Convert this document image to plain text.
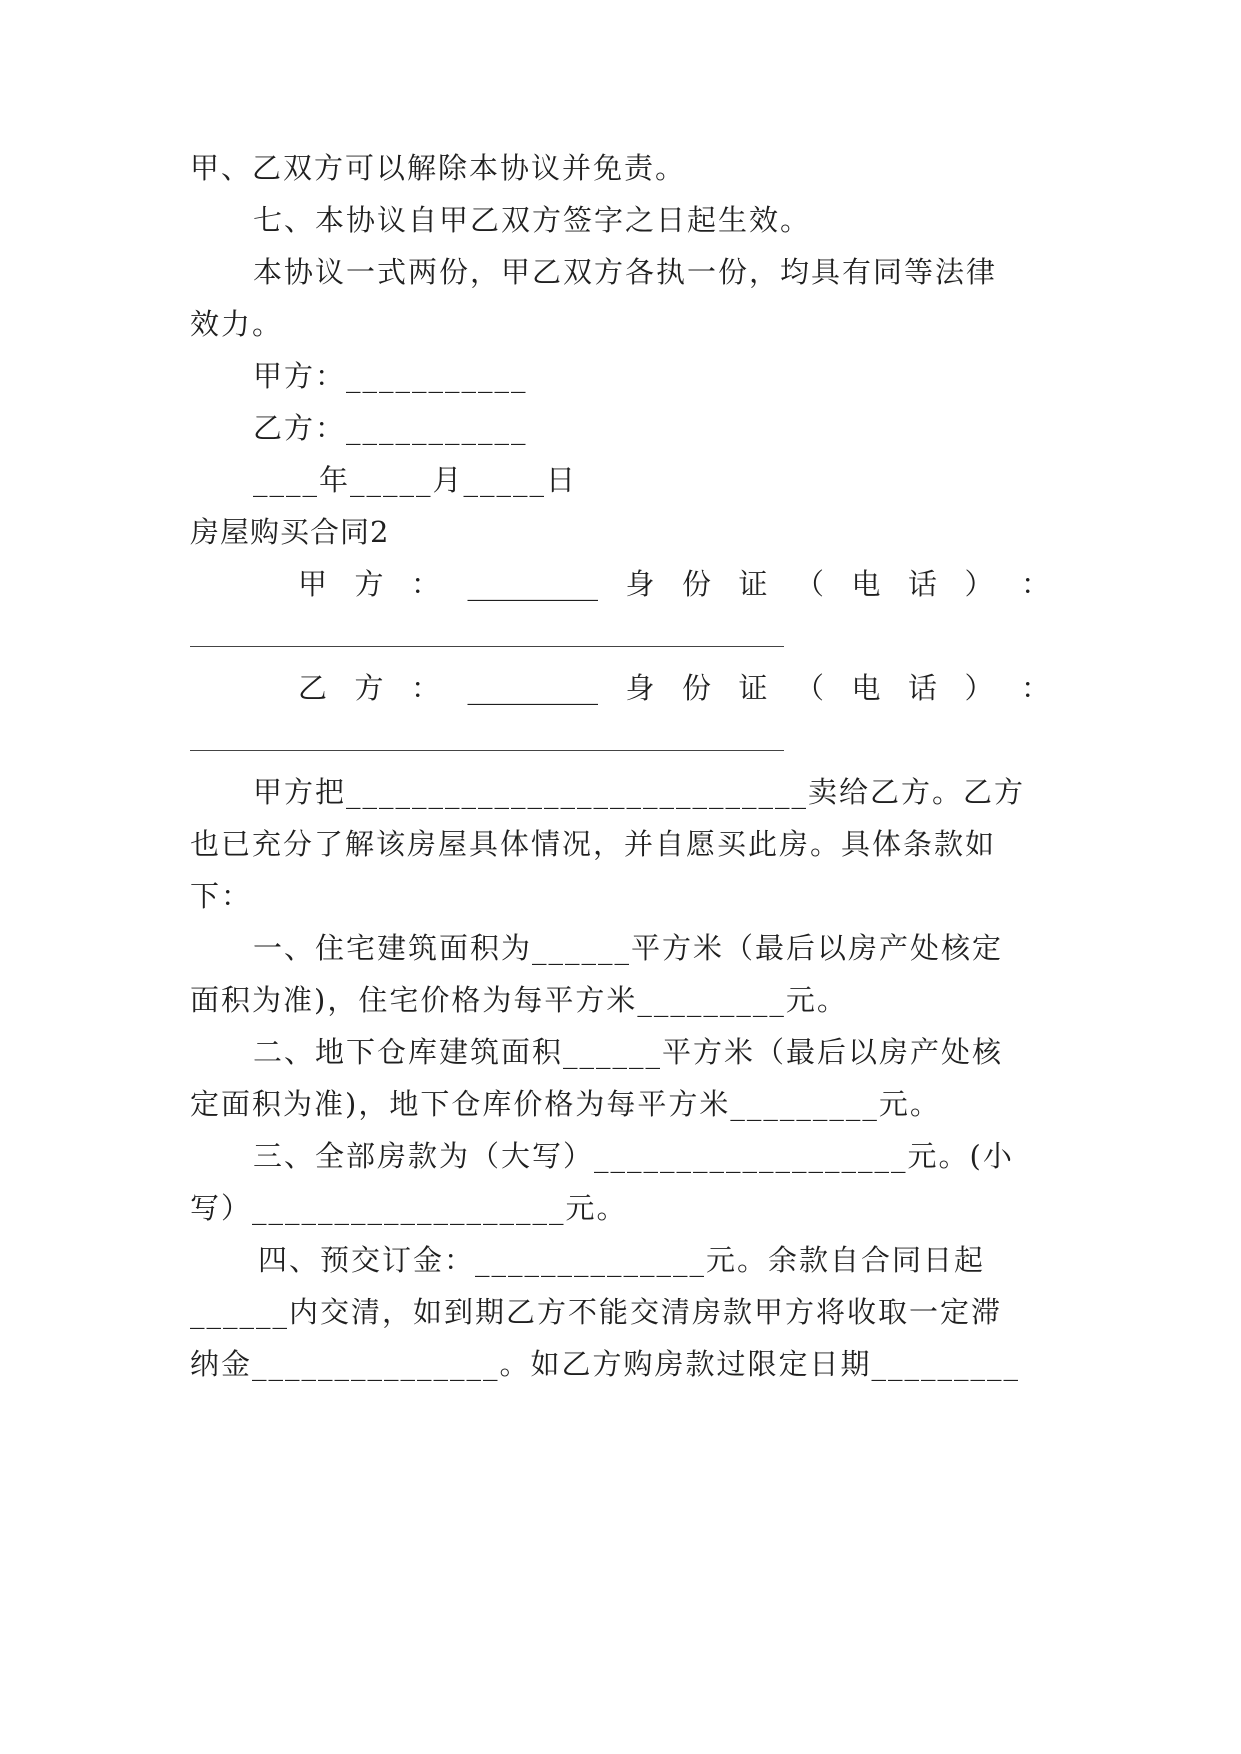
甲、乙双方可以解除本协议并免责。
七、本协议自甲乙双方签字之日起生效。
本协议一式两份，甲乙双方各执一份，均具有同等法律
效力。
甲方：___________
乙方：___________
____年_____月_____日
房屋购买合同2
甲 方 ： _________ 身 份 证 （ 电 话 ） ：
乙 方 ： _________ 身 份 证 （ 电 话 ） ：
甲方把____________________________卖给乙方。乙方
也已充分了解该房屋具体情况，并自愿买此房。具体条款如
下：
一、住宅建筑面积为______平方米（最后以房产处核定
面积为准)，住宅价格为每平方米_________元。
二、地下仓库建筑面积______平方米（最后以房产处核
定面积为准)，地下仓库价格为每平方米_________元。
三、全部房款为（大写）___________________元。(小
写）___________________元。
四、预交订金：______________元。余款自合同日起
______内交清，如到期乙方不能交清房款甲方将收取一定滞
纳金_______________。如乙方购房款过限定日期_________
